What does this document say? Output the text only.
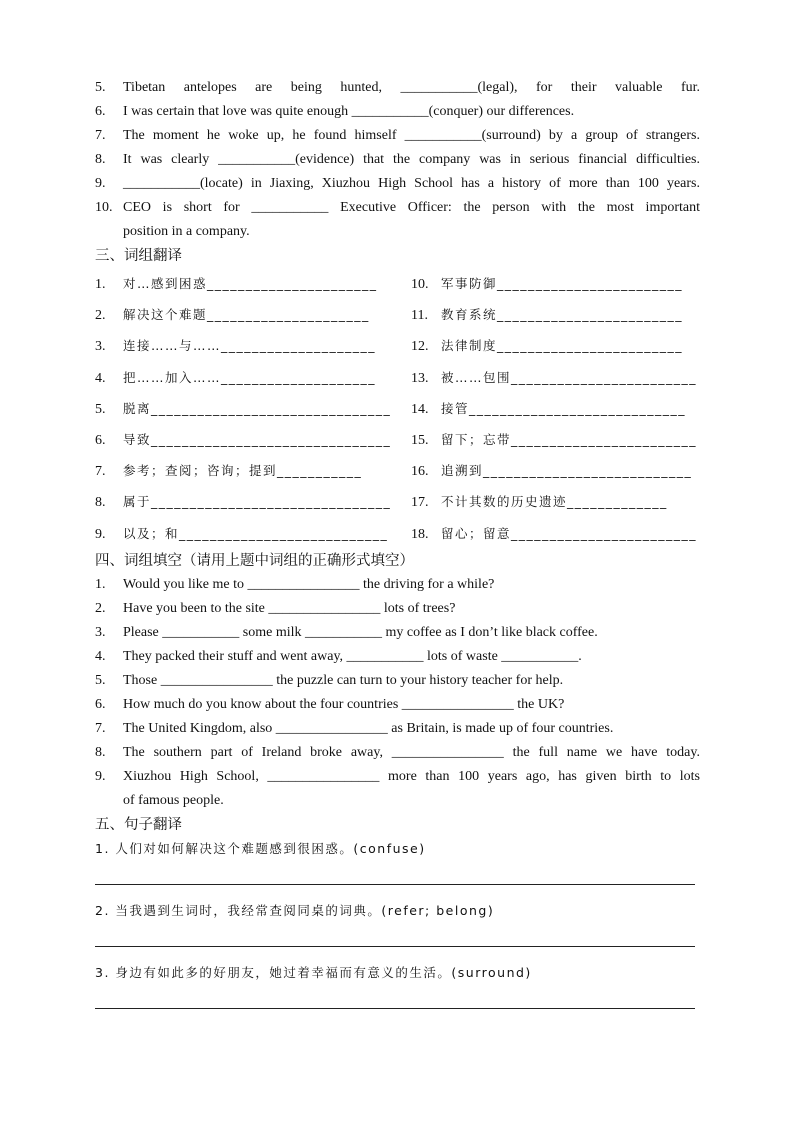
5. Tibetan antelopes are being hunted, ___________(legal), for their valuable fur.
6. I was certain that love was quite enough ___________(conquer) our differences.
7. The moment he woke up, he found himself ___________(surround) by a group of strangers.
8. It was clearly ___________(evidence) that the company was in serious financial difficulties.
9. ___________(locate) in Jiaxing, Xiuzhou High School has a history of more than 100 years.
10. CEO is short for ___________ Executive Officer: the person with the most important
position in a company.
三、词组翻译
1. 对…感到困惑______________________	10. 军事防御________________________
2. 解决这个难题_____________________	11. 教育系统________________________
3. 连接……与……____________________	12. 法律制度________________________
4. 把……加入……____________________	13. 被……包围________________________
5. 脱离_______________________________ 14. 接管____________________________
6. 导致_______________________________ 15. 留下；忘带________________________
7. 参考；查阅；咨询；提到___________	16. 追溯到___________________________
8. 属于_______________________________ 17. 不计其数的历史遗迹_____________
9. 以及；和___________________________ 18. 留心；留意________________________
四、词组填空（请用上题中词组的正确形式填空）
1. Would you like me to ________________ the driving for a while?
2. Have you been to the site ________________ lots of trees?
3. Please ___________ some milk ___________ my coffee as I don’t like black coffee.
4. They packed their stuff and went away, ___________ lots of waste ___________.
5. Those ________________ the puzzle can turn to your history teacher for help.
6. How much do you know about the four countries ________________ the UK?
7. The United Kingdom, also ________________ as Britain, is made up of four countries.
8. The southern part of Ireland broke away, ________________ the full name we have today.
9. Xiuzhou High School, ________________ more than 100 years ago, has given birth to lots
of famous people.
五、句子翻译
1. 人们对如何解决这个难题感到很困惑。(confuse)
2. 当我遇到生词时，我经常查阅同桌的词典。(refer; belong)
3. 身边有如此多的好朋友，她过着幸福而有意义的生活。(surround)
